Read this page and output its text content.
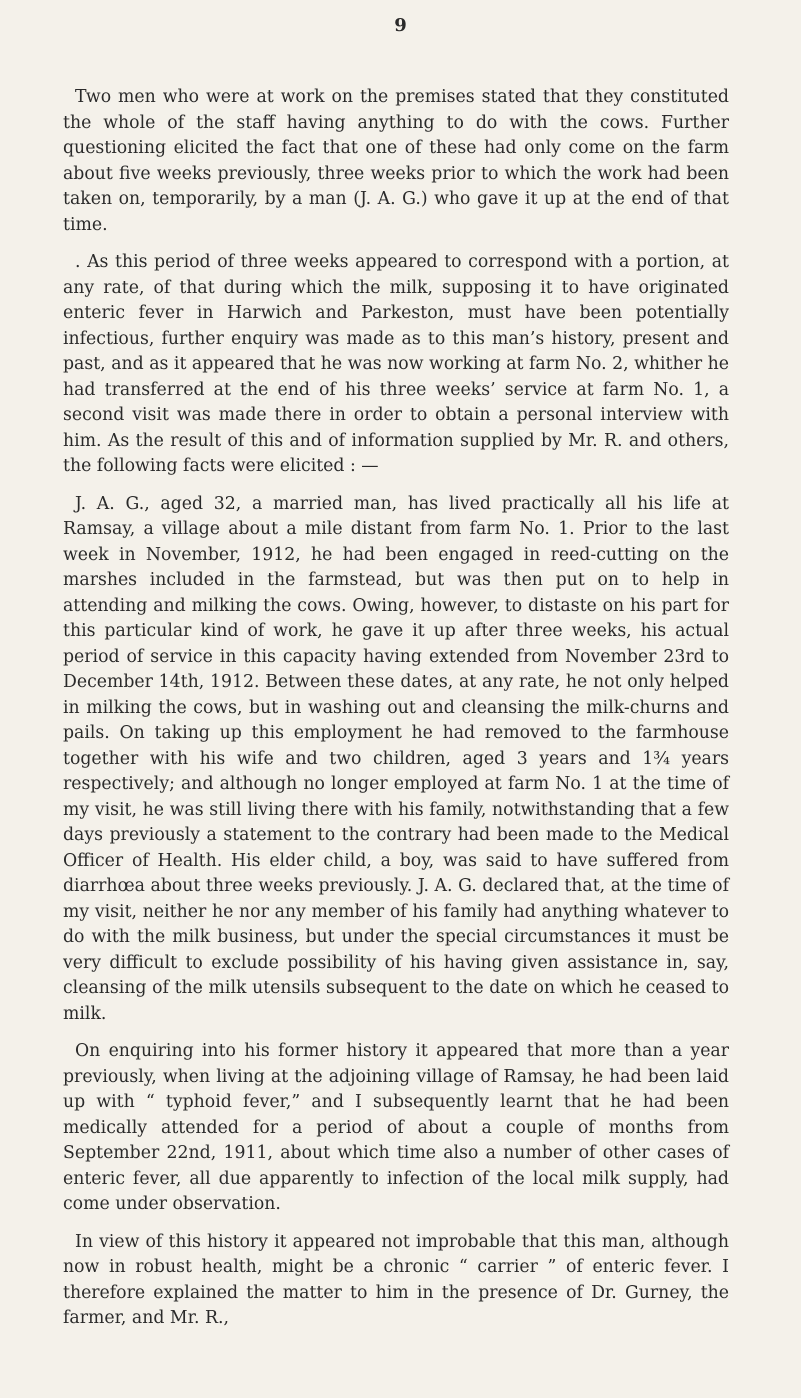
9

Two men who were at work on the premises stated that they constituted the whole of the staff having anything to do with the cows. Further questioning elicited the fact that one of these had only come on the farm about five weeks previously, three weeks prior to which the work had been taken on, temporarily, by a man (J. A. G.) who gave it up at the end of that time.

. As this period of three weeks appeared to correspond with a portion, at any rate, of that during which the milk, supposing it to have originated enteric fever in Harwich and Parkeston, must have been potentially infectious, further enquiry was made as to this man’s history, present and past, and as it appeared that he was now working at farm No. 2, whither he had transferred at the end of his three weeks’ service at farm No. 1, a second visit was made there in order to obtain a personal interview with him. As the result of this and of information supplied by Mr. R. and others, the following facts were elicited : —

J. A. G., aged 32, a married man, has lived practically all his life at Ramsay, a village about a mile distant from farm No. 1. Prior to the last week in November, 1912, he had been engaged in reed-cutting on the marshes included in the farmstead, but was then put on to help in attending and milking the cows. Owing, however, to distaste on his part for this particular kind of work, he gave it up after three weeks, his actual period of service in this capacity having extended from November 23rd to December 14th, 1912. Between these dates, at any rate, he not only helped in milking the cows, but in washing out and cleansing the milk-churns and pails. On taking up this employment he had removed to the farmhouse together with his wife and two children, aged 3 years and 1¾ years respectively; and although no longer employed at farm No. 1 at the time of my visit, he was still living there with his family, notwithstanding that a few days previously a statement to the contrary had been made to the Medical Officer of Health. His elder child, a boy, was said to have suffered from diarrhœa about three weeks previously. J. A. G. declared that, at the time of my visit, neither he nor any member of his family had anything whatever to do with the milk business, but under the special circumstances it must be very difficult to exclude possibility of his having given assistance in, say, cleansing of the milk utensils subsequent to the date on which he ceased to milk.

On enquiring into his former history it appeared that more than a year previously, when living at the adjoining village of Ramsay, he had been laid up with “ typhoid fever,” and I subsequently learnt that he had been medically attended for a period of about a couple of months from September 22nd, 1911, about which time also a number of other cases of enteric fever, all due apparently to infection of the local milk supply, had come under observation.

In view of this history it appeared not improbable that this man, although now in robust health, might be a chronic “ carrier ” of enteric fever. I therefore explained the matter to him in the presence of Dr. Gurney, the farmer, and Mr. R.,
